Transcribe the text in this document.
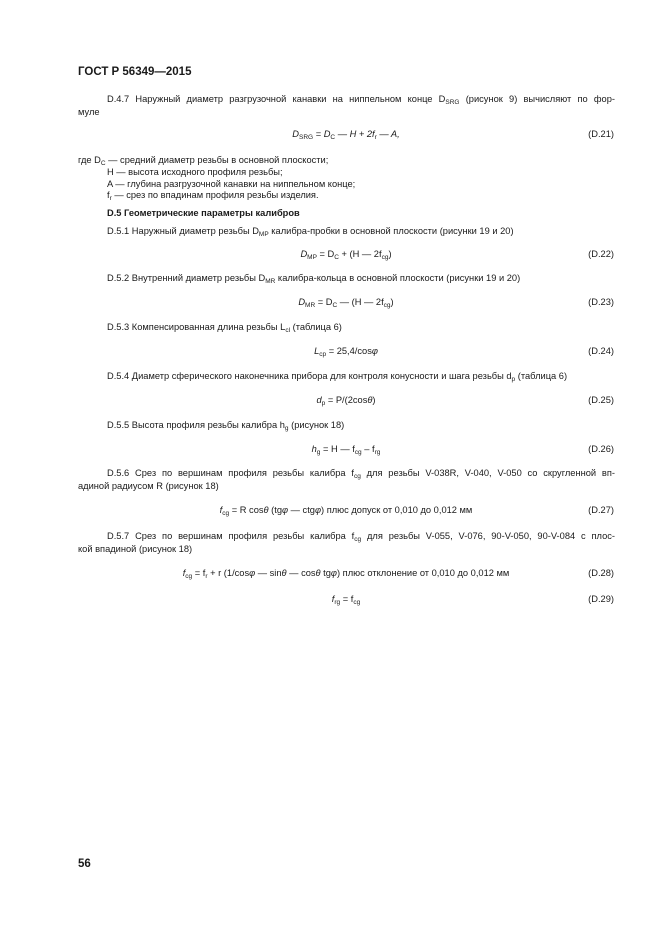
ГОСТ Р 56349—2015
D.4.7 Наружный диаметр разгрузочной канавки на ниппельном конце $D_{SRG}$ (рисунок 9) вычисляют по фор-
муле
$D_{SRG} = D_C$ — $H + 2f_r$ — A,	(D.21)
где $D_C$ — средний диаметр резьбы в основной плоскости;
H — высота исходного профиля резьбы;
A — глубина разгрузочной канавки на ниппельном конце;
$f_r$ — срез по впадинам профиля резьбы изделия.
D.5 Геометрические параметры калибров
D.5.1 Наружный диаметр резьбы $D_{MP}$ калибра-пробки в основной плоскости (рисунки 19 и 20)
$D_{MP} = D_C + (H$ — $2f_{cg}$)	(D.22)
D.5.2 Внутренний диаметр резьбы $D_{MR}$ калибра-кольца в основной плоскости (рисунки 19 и 20)
$D_{MR} = D_C$ — (H — $2f_{cg}$)	(D.23)
D.5.3 Компенсированная длина резьбы $L_{cl}$ (таблица 6)
$L_{cp} = 25,4/\cos\varphi$	(D.24)
D.5.4 Диаметр сферического наконечника прибора для контроля конусности и шага резьбы $d_p$ (таблица 6)
$d_p = P/(2\cos\theta)$	(D.25)
D.5.5 Высота профиля резьбы калибра $h_g$ (рисунок 18)
$h_g = H$ — $f_{cg} - f_{rg}$	(D.26)
D.5.6 Срез по вершинам профиля резьбы калибра $f_{cg}$ для резьбы V-038R, V-040, V-050 со скругленной вп-
адиной радиусом R (рисунок 18)
$f_{cg} = R$ cosθ (tgφ — ctgφ) плюс допуск от 0,010 до 0,012 мм	(D.27)
D.5.7 Срез по вершинам профиля резьбы калибра $f_{cg}$ для резьбы V-055, V-076, 90-V-050, 90-V-084 с плос-
кой впадиной (рисунок 18)
$f_{cg} = f_r + r$ (1/cosφ — sinθ — cosθ tgφ) плюс отклонение от 0,010 до 0,012 мм	(D.28)
$f_{rg} = f_{cg}$	(D.29)
56
